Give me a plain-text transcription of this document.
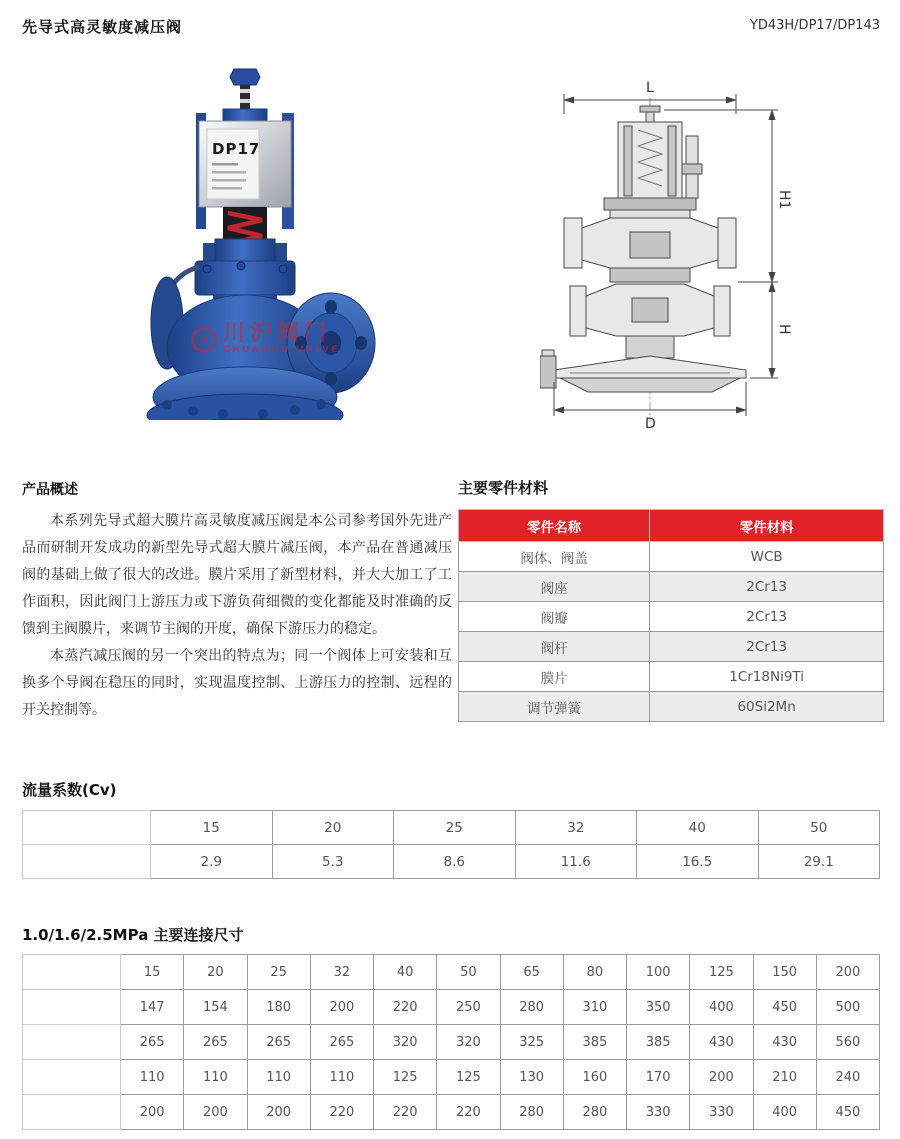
先导式高灵敏度减压阀	YD43H/DP17/DP143
DP17
川 川沪阀门
CHUANHU VALVE
L
H1
H
D
产品概述

本系列先导式超大膜片高灵敏度减压阀是本公司参考国外先进产品而研制开发成功的新型先导式超大膜片减压阀，本产品在普通减压阀的基础上做了很大的改进。膜片采用了新型材料，并大大加工了工作面积，因此阀门上游压力或下游负荷细微的变化都能及时准确的反馈到主阀膜片，来调节主阀的开度，确保下游压力的稳定。

本蒸汽减压阀的另一个突出的特点为；同一个阀体上可安装和互换多个导阀在稳压的同时，实现温度控制、上游压力的控制、远程的开关控制等。

主要零件材料
零件名称	零件材料
阀体、阀盖	WCB
阀座	2Cr13
阀瓣	2Cr13
阀杆	2Cr13
膜片	1Cr18Ni9Ti
调节弹簧	60Si2Mn
流量系数(Cv)
DN	15	20	25	32	40	50
Cv	2.9	5.3	8.6	11.6	16.5	29.1
1.0/1.6/2.5MPa 主要连接尺寸
DN	15	20	25	32	40	50	65	80	100	125	150	200
L	147	154	180	200	220	250	280	310	350	400	450	500
H1	265	265	265	265	320	320	325	385	385	430	430	560
H	110	110	110	110	125	125	130	160	170	200	210	240
D	200	200	200	220	220	220	280	280	330	330	400	450
